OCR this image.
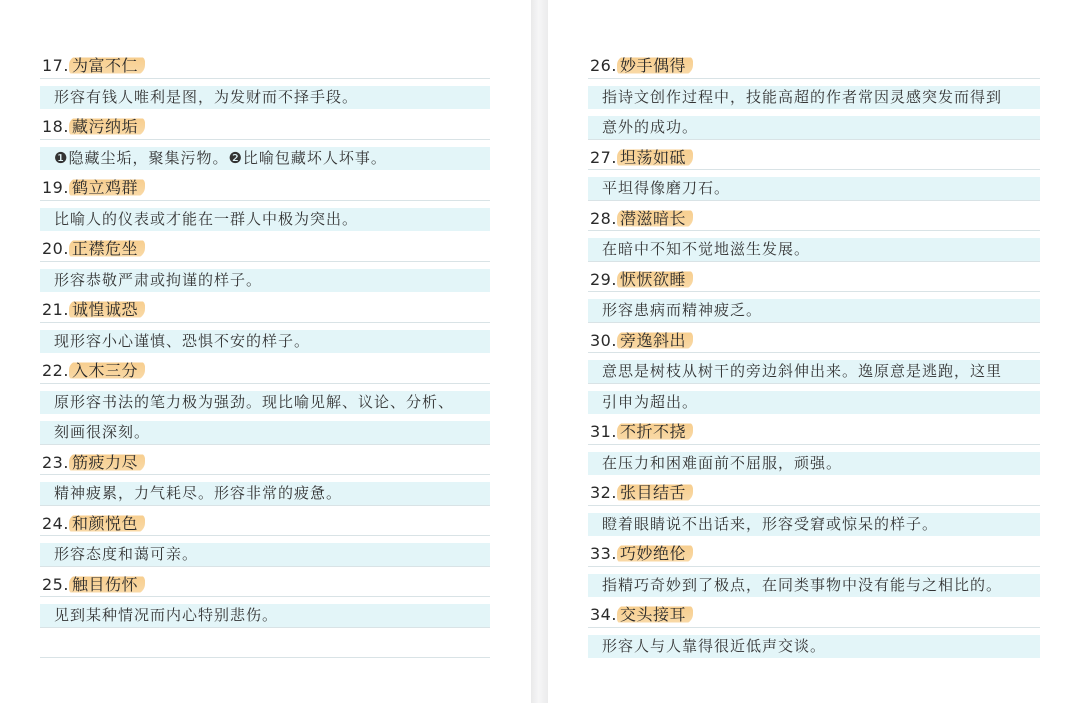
17. 为富不仁
形容有钱人唯利是图，为发财而不择手段。
18. 藏污纳垢
❶隐藏尘垢，聚集污物。❷比喻包藏坏人坏事。
19. 鹤立鸡群
比喻人的仪表或才能在一群人中极为突出。
20. 正襟危坐
形容恭敬严肃或拘谨的样子。
21. 诚惶诚恐
现形容小心谨慎、恐惧不安的样子。
22. 入木三分
原形容书法的笔力极为强劲。现比喻见解、议论、分析、
刻画很深刻。
23. 筋疲力尽
精神疲累，力气耗尽。形容非常的疲惫。
24. 和颜悦色
形容态度和蔼可亲。
25. 触目伤怀
见到某种情况而内心特别悲伤。
26. 妙手偶得
指诗文创作过程中，技能高超的作者常因灵感突发而得到
意外的成功。
27. 坦荡如砥
平坦得像磨刀石。
28. 潜滋暗长
在暗中不知不觉地滋生发展。
29. 恹恹欲睡
形容患病而精神疲乏。
30. 旁逸斜出
意思是树枝从树干的旁边斜伸出来。逸原意是逃跑，这里
引申为超出。
31. 不折不挠
在压力和困难面前不屈服，顽强。
32. 张目结舌
瞪着眼睛说不出话来，形容受窘或惊呆的样子。
33. 巧妙绝伦
指精巧奇妙到了极点，在同类事物中没有能与之相比的。
34. 交头接耳
形容人与人靠得很近低声交谈。
